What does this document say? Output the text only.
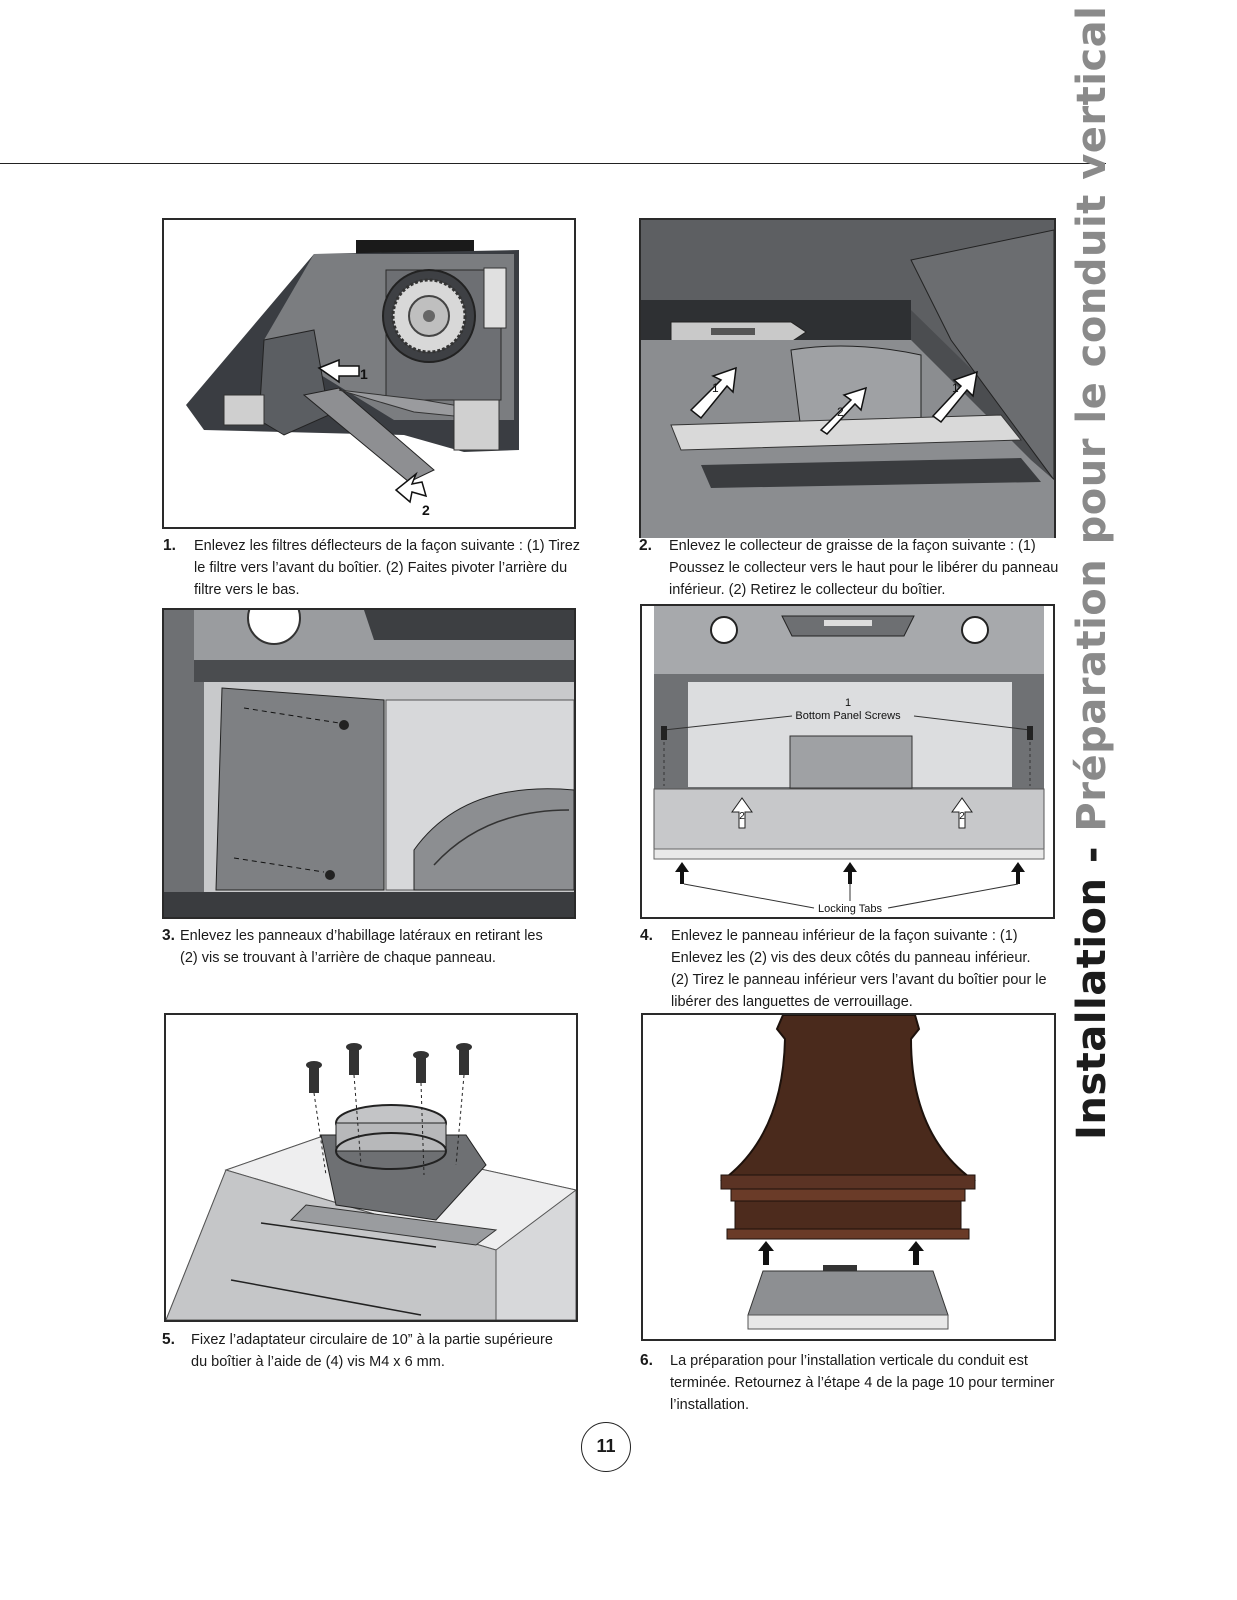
1
2
1
2
1
1
Bottom Panel Screws
2	2
Locking Tabs
1.	Enlevez les filtres déflecteurs de la façon suivante : (1) Tirez le filtre vers l’avant du boîtier. (2) Faites pivoter l’arrière du filtre vers le bas.
2.	Enlevez le collecteur de graisse de la façon suivante : (1) Poussez le collecteur vers le haut pour le libérer du panneau inférieur. (2) Retirez le collecteur du boîtier.
3. Enlevez les panneaux d’habillage latéraux en retirant les (2) vis se trouvant à l’arrière de chaque panneau.
4.	Enlevez le panneau inférieur de la façon suivante : (1) Enlevez les (2) vis des deux côtés du panneau inférieur. (2) Tirez le panneau inférieur vers l’avant du boîtier pour le libérer des languettes de verrouillage.
5.	Fixez l’adaptateur circulaire de 10” à la partie supérieure du boîtier à l’aide de (4) vis M4 x 6 mm.	6.	La préparation pour l’installation verticale du conduit est terminée. Retournez à l’étape 4 de la page 10 pour terminer l’installation.
Installation - Préparation pour le conduit vertical
11
